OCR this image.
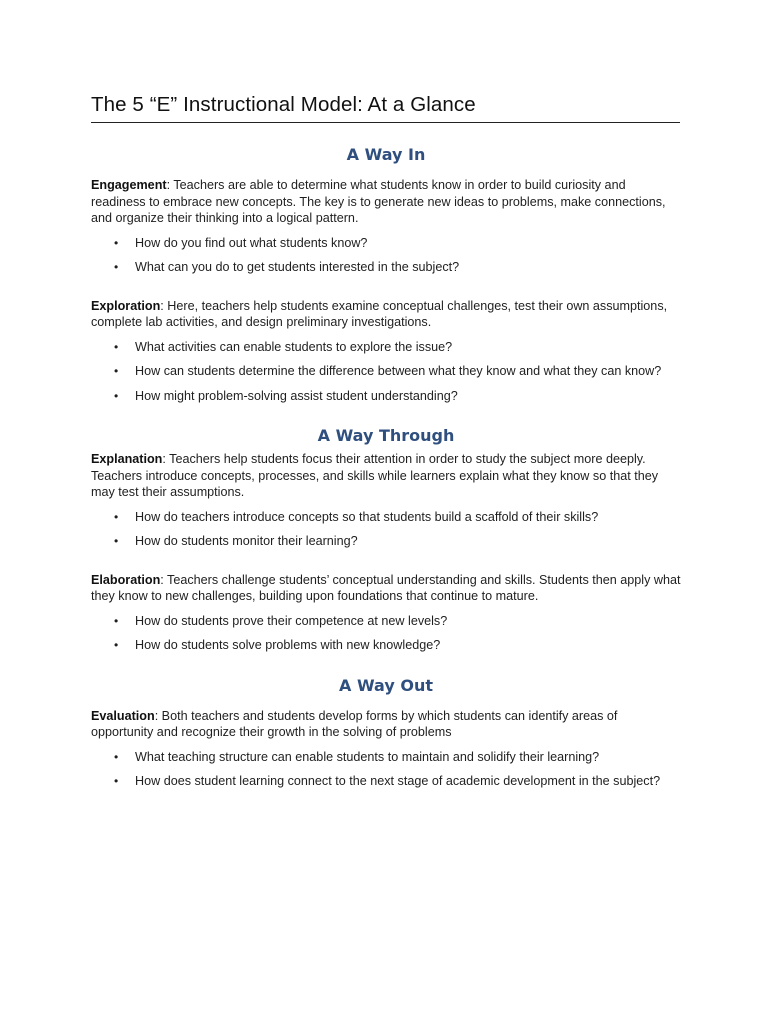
The 5 “E” Instructional Model: At a Glance
A Way In

Engagement: Teachers are able to determine what students know in order to build curiosity and readiness to embrace new concepts. The key is to generate new ideas to problems, make connections, and organize their thinking into a logical pattern.

• How do you find out what students know?
• What can you do to get students interested in the subject?

Exploration: Here, teachers help students examine conceptual challenges, test their own assumptions, complete lab activities, and design preliminary investigations.

• What activities can enable students to explore the issue?
• How can students determine the difference between what they know and what they can know?
• How might problem-solving assist student understanding?
A Way Through

Explanation: Teachers help students focus their attention in order to study the subject more deeply. Teachers introduce concepts, processes, and skills while learners explain what they know so that they may test their assumptions.

• How do teachers introduce concepts so that students build a scaffold of their skills?
• How do students monitor their learning?

Elaboration: Teachers challenge students’ conceptual understanding and skills. Students then apply what they know to new challenges, building upon foundations that continue to mature.

• How do students prove their competence at new levels?
• How do students solve problems with new knowledge?
A Way Out

Evaluation: Both teachers and students develop forms by which students can identify areas of opportunity and recognize their growth in the solving of problems

• What teaching structure can enable students to maintain and solidify their learning?
• How does student learning connect to the next stage of academic development in the subject?
